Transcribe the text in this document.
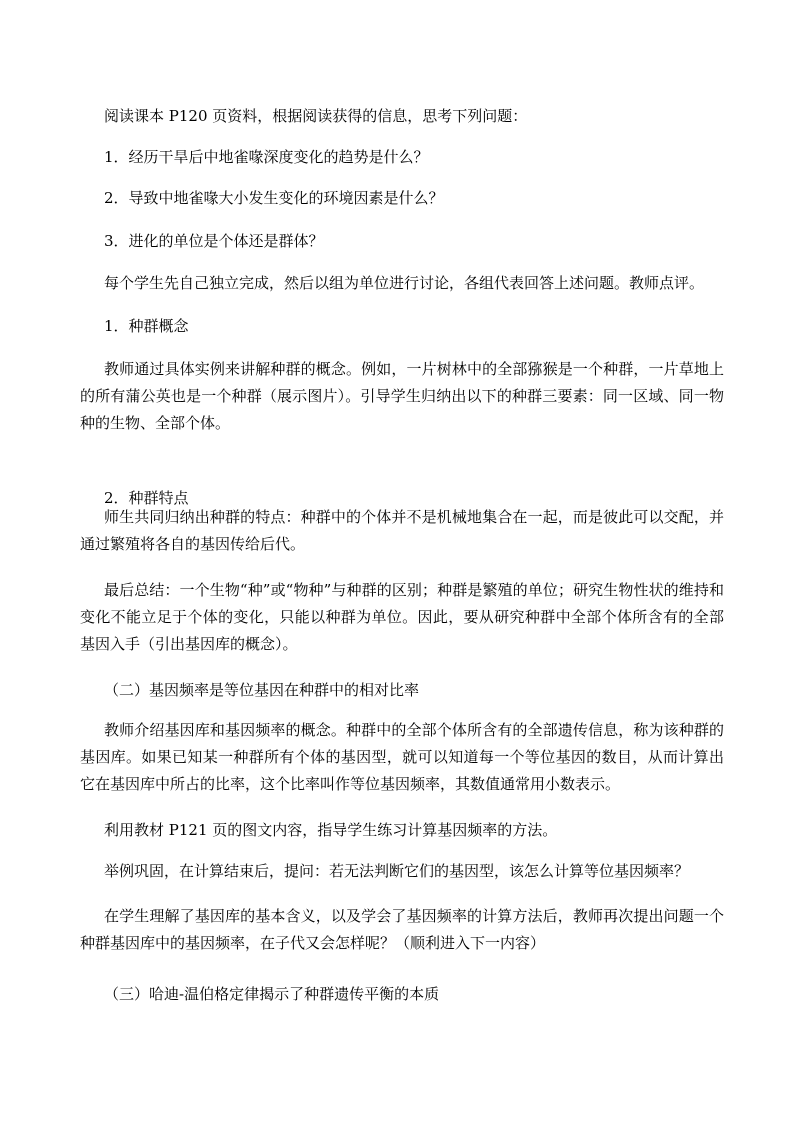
阅读课本 P120 页资料，根据阅读获得的信息，思考下列问题：

1．经历干旱后中地雀喙深度变化的趋势是什么？

2．导致中地雀喙大小发生变化的环境因素是什么？

3．进化的单位是个体还是群体？

每个学生先自己独立完成，然后以组为单位进行讨论，各组代表回答上述问题。教师点评。

1．种群概念

教师通过具体实例来讲解种群的概念。例如，一片树林中的全部猕猴是一个种群，一片草地上的所有蒲公英也是一个种群（展示图片）。引导学生归纳出以下的种群三要素：同一区域、同一物种的生物、全部个体。

2．种群特点

师生共同归纳出种群的特点：种群中的个体并不是机械地集合在一起，而是彼此可以交配，并通过繁殖将各自的基因传给后代。

最后总结：一个生物“种”或“物种”与种群的区别；种群是繁殖的单位；研究生物性状的维持和变化不能立足于个体的变化，只能以种群为单位。因此，要从研究种群中全部个体所含有的全部基因入手（引出基因库的概念）。

（二）基因频率是等位基因在种群中的相对比率

教师介绍基因库和基因频率的概念。种群中的全部个体所含有的全部遗传信息，称为该种群的基因库。如果已知某一种群所有个体的基因型，就可以知道每一个等位基因的数目，从而计算出它在基因库中所占的比率，这个比率叫作等位基因频率，其数值通常用小数表示。

利用教材 P121 页的图文内容，指导学生练习计算基因频率的方法。

举例巩固，在计算结束后，提问：若无法判断它们的基因型，该怎么计算等位基因频率？

在学生理解了基因库的基本含义，以及学会了基因频率的计算方法后，教师再次提出问题一个种群基因库中的基因频率，在子代又会怎样呢？（顺利进入下一内容）

（三）哈迪-温伯格定律揭示了种群遗传平衡的本质
